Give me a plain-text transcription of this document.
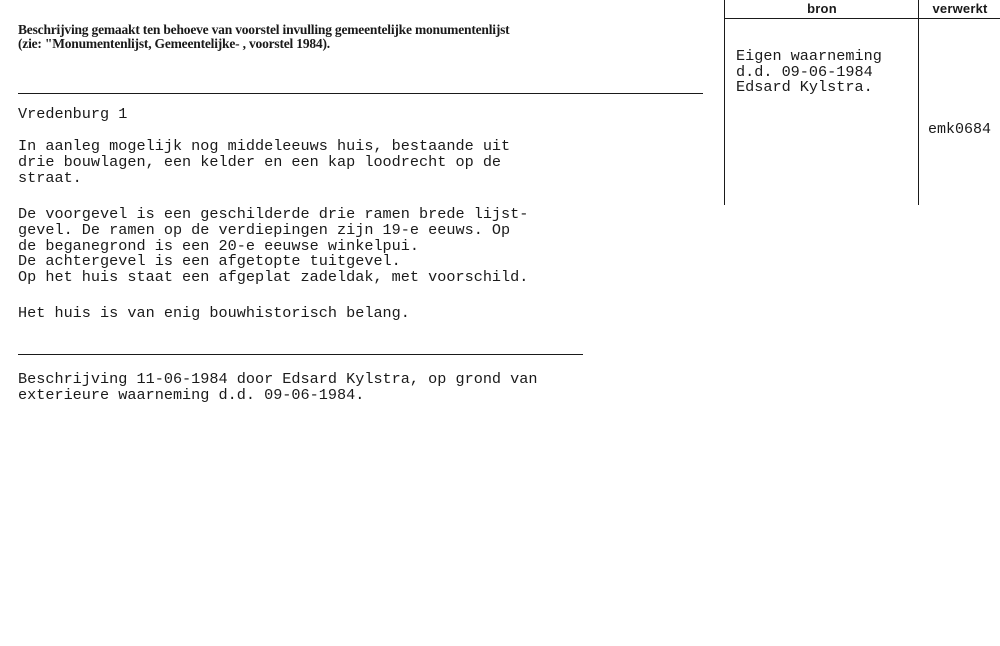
Beschrijving gemaakt ten behoeve van voorstel invulling gemeentelijke monumentenlijst
(zie: "Monumentenlijst, Gemeentelijke- , voorstel 1984).
Vredenburg 1
In aanleg mogelijk nog middeleeuws huis, bestaande uit
drie bouwlagen, een kelder en een kap loodrecht op de
straat.
De voorgevel is een geschilderde drie ramen brede lijst-
gevel. De ramen op de verdiepingen zijn 19-e eeuws. Op
de beganegrond is een 20-e eeuwse winkelpui.
De achtergevel is een afgetopte tuitgevel.
Op het huis staat een afgeplat zadeldak, met voorschild.
Het huis is van enig bouwhistorisch belang.
Beschrijving 11-06-1984 door Edsard Kylstra, op grond van
exterieure waarneming d.d. 09-06-1984.
bron	verwerkt
Eigen waarneming
d.d. 09-06-1984
Edsard Kylstra.
emk0684
